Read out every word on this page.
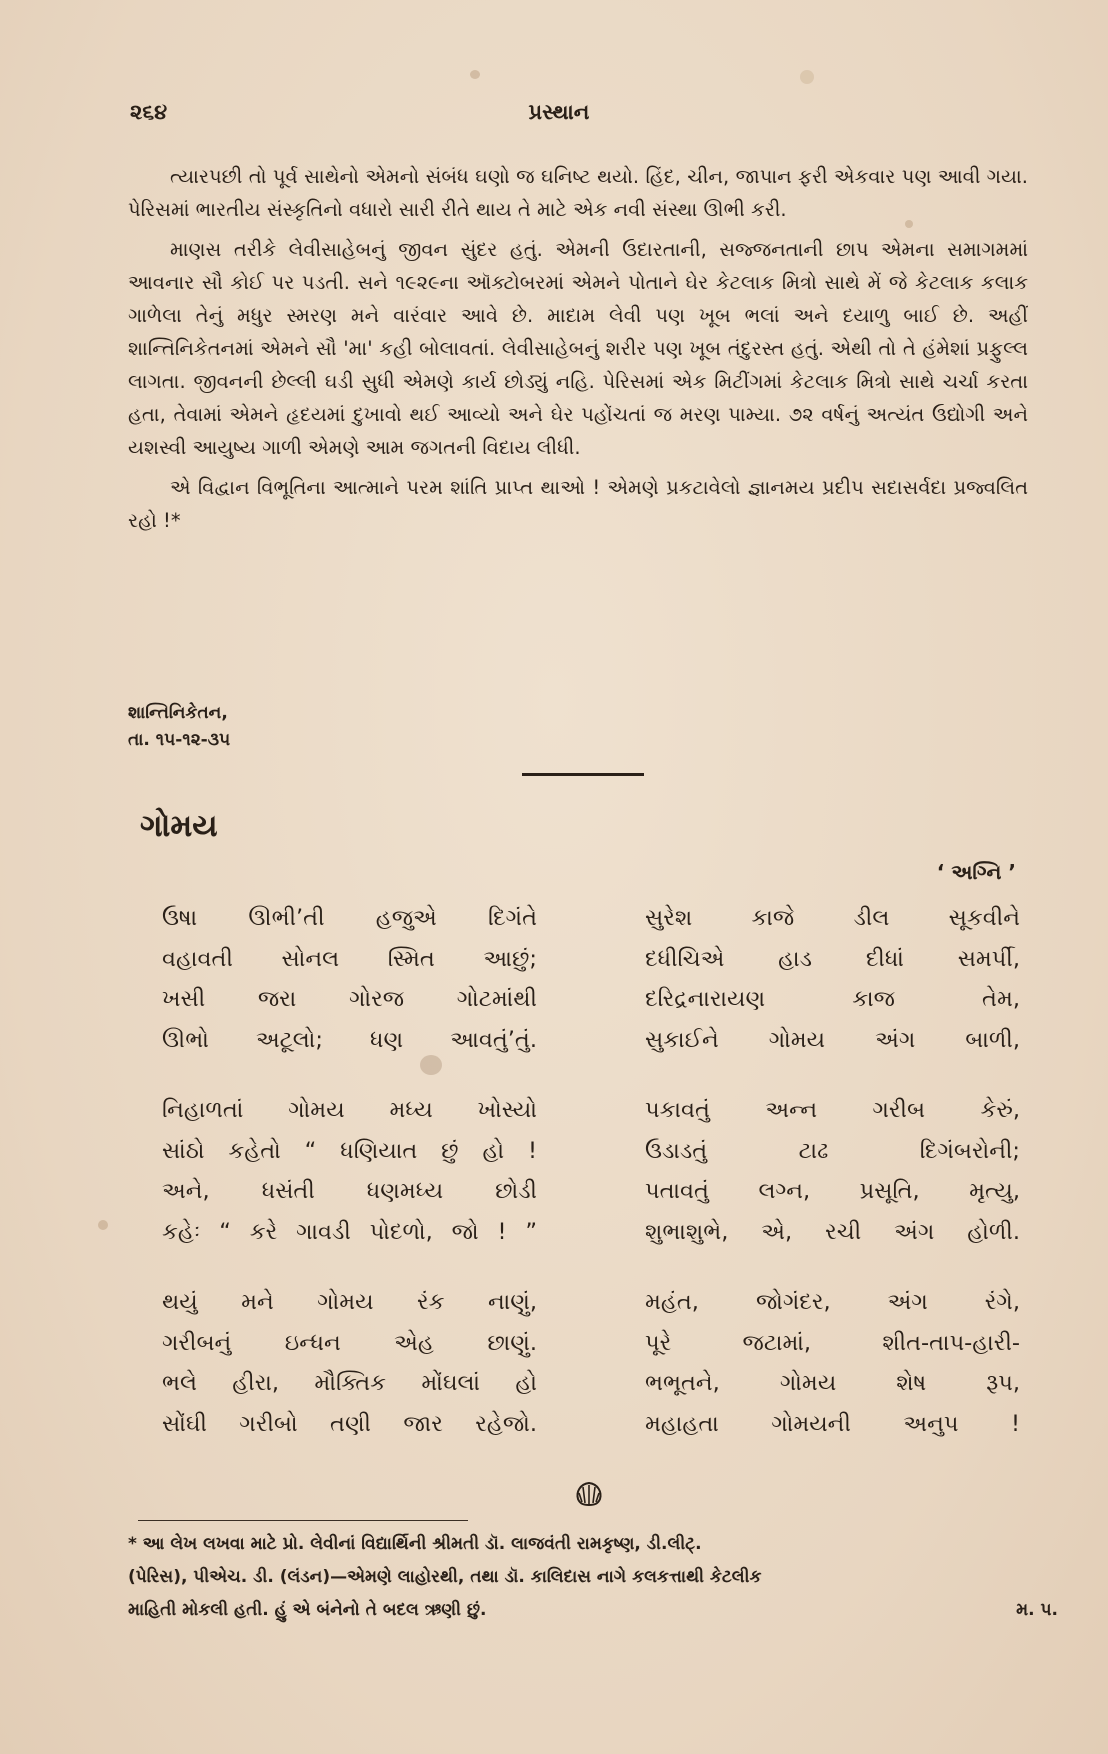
૨૬૪	પ્રસ્થાન

ત્યારપછી તો પૂર્વ સાથેનો એમનો સંબંધ ઘણો જ ઘનિષ્ટ થયો. હિંદ, ચીન, જાપાન ફરી એકવાર પણ આવી ગયા. પેરિસમાં ભારતીય સંસ્કૃતિનો વધારો સારી રીતે થાય તે માટે એક નવી સંસ્થા ઊભી કરી.

માણસ તરીકે લેવીસાહેબનું જીવન સુંદર હતું. એમની ઉદારતાની, સજ્જનતાની છાપ એમના સમાગમમાં આવનાર સૌ કોઈ પર પડતી. સને ૧૯૨૯ના ઑક્ટોબરમાં એમને પોતાને ઘેર કેટલાક મિત્રો સાથે મેં જે કેટલાક કલાક ગાળેલા તેનું મધુર સ્મરણ મને વારંવાર આવે છે. માદામ લેવી પણ ખૂબ ભલાં અને દયાળુ બાઈ છે. અહીં શાન્તિનિકેતનમાં એમને સૌ 'મા' કહી બોલાવતાં. લેવીસાહેબનું શરીર પણ ખૂબ તંદુરસ્ત હતું. એથી તો તે હંમેશાં પ્રફુલ્લ લાગતા. જીવનની છેલ્લી ઘડી સુધી એમણે કાર્ય છોડ્યું નહિ. પેરિસમાં એક મિટીંગમાં કેટલાક મિત્રો સાથે ચર્ચા કરતા હતા, તેવામાં એમને હૃદયમાં દુખાવો થઈ આવ્યો અને ઘેર પહોંચતાં જ મરણ પામ્યા. ૭૨ વર્ષનું અત્યંત ઉદ્યોગી અને યશસ્વી આયુષ્ય ગાળી એમણે આમ જગતની વિદાય લીધી.

એ વિદ્વાન વિભૂતિના આત્માને પરમ શાંતિ પ્રાપ્ત થાઓ ! એમણે પ્રકટાવેલો જ્ઞાનમય પ્રદીપ સદાસર્વદા પ્રજ્વલિત રહો !*

શાન્તિનિકેતન,
તા. ૧૫-૧૨-૩૫
ગોમય
‘ અગ્નિ ’
ઉષા ઊભી’તી હજુએ દિગંતે
વહાવતી સોનલ સ્મિત આછું;
ખસી જરા ગોરજ ગોટમાંથી
ઊભો અટૂલો; ધણ આવતું’તું.
નિહાળતાં ગોમય મધ્ય ખોસ્યો
સાંઠો કહેતો “ ધણિયાત છું હો !
અને, ધસંતી ધણમધ્ય છોડી
કહેઃ “ કરે ગાવડી પોદળો, જો ! ”
થયું મને ગોમય રંક નાણું,
ગરીબનું ઇન્ધન એહ છાણું.
ભલે હીરા, મૌક્તિક મોંઘલાં હો
સોંઘી ગરીબો તણી જાર રહેજો.
સુરેશ કાજે ડીલ સૂકવીને
દધીચિએ હાડ દીધાં સમર્પી,
દરિદ્રનારાયણ કાજ તેમ,
સુકાઈને ગોમય અંગ બાળી,
પકાવતું અન્ન ગરીબ કેરું,
ઉડાડતું ટાઢ દિગંબરોની;
પતાવતું લગ્ન, પ્રસૂતિ, મૃત્યુ,
શુભાશુભે, એ, રચી અંગ હોળી.
મહંત, જોગંદર, અંગ રંગે,
પૂરે જટામાં, શીત-તાપ-હારી-
ભભૂતને, ગોમય શેષ રૂપ,
મહાહતા ગોમયની અનુપ !
* આ લેખ લખવા માટે પ્રો. લેવીનાં વિદ્યાર્થિની શ્રીમતી ડૉ. લાજવંતી રામકૃષ્ણ, ડી.લીટ્.
(પેરિસ), પીએચ. ડી. (લંડન)—એમણે લાહોરથી, તથા ડૉ. કાલિદાસ નાગે કલકત્તાથી કેટલીક
માહિતી મોકલી હતી. હું એ બંનેનો તે બદલ ઋણી છું.	મ. પ.
